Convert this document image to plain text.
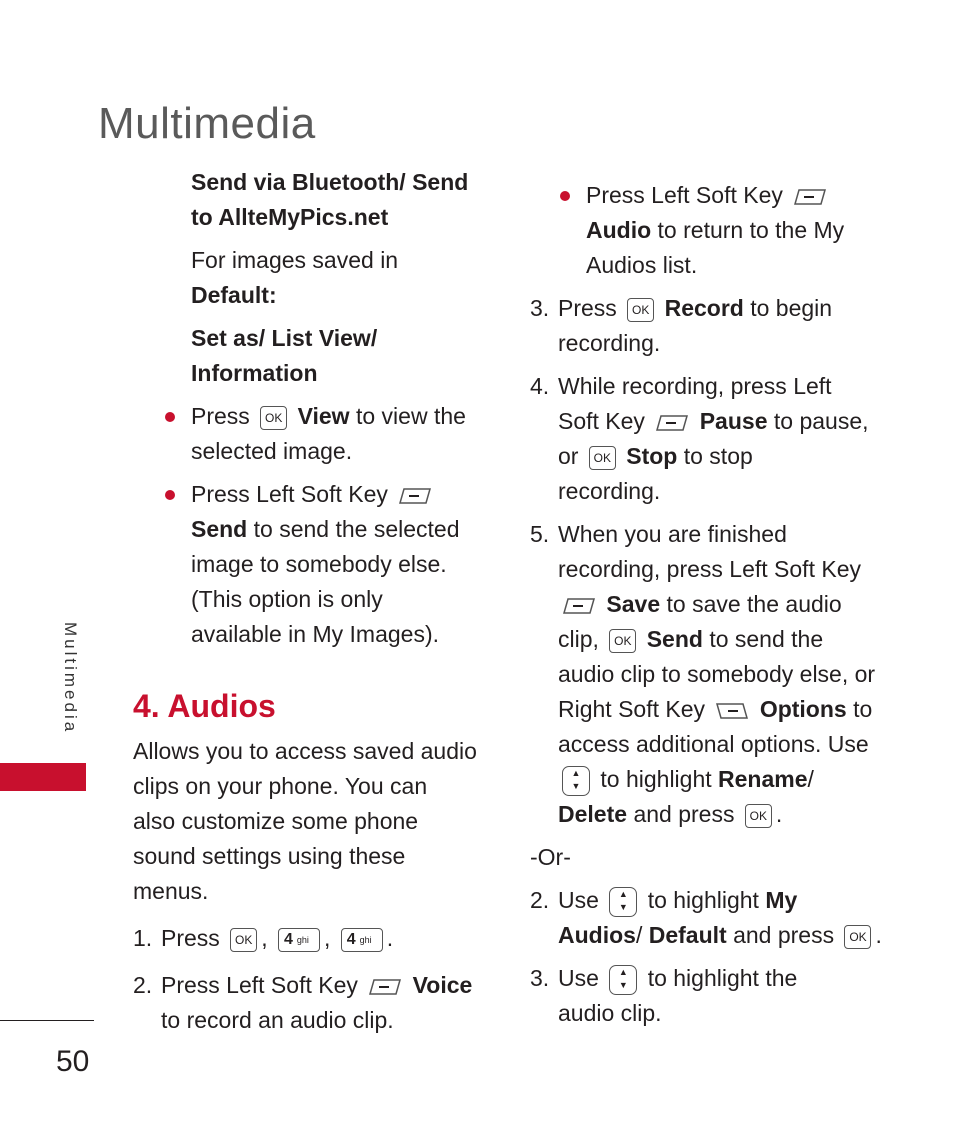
Multimedia
Multimedia
50

Send via Bluetooth/ Send
to AllteMyPics.net

For images saved in
Default:

Set as/ List View/
Information

Press OK View to view the
selected image.

Press Left Soft Key

Send to send the selected
image to somebody else.
(This option is only
available in My Images).

4. Audios

Allows you to access saved audio
clips on your phone. You can
also customize some phone
sound settings using these
menus.

1. Press OK , 4 ghi , 4 ghi .

2. Press Left Soft Key Voice
to record an audio clip.

Press Left Soft Key

Audio to return to the My
Audios list.

3. Press OK Record to begin
recording.

4. While recording, press Left
Soft Key Pause to pause,
or OK Stop to stop
recording.

5. When you are finished
recording, press Left Soft Key

Save to save the audio
clip, OK Send to send the
audio clip to somebody else, or
Right Soft Key Options to
access additional options. Use
▲
▼ to highlight Rename/
Delete and press OK .

-Or-

2. Use ▲
▼ to highlight My
Audios/ Default and press OK .

3. Use ▲
▼ to highlight the
audio clip.
